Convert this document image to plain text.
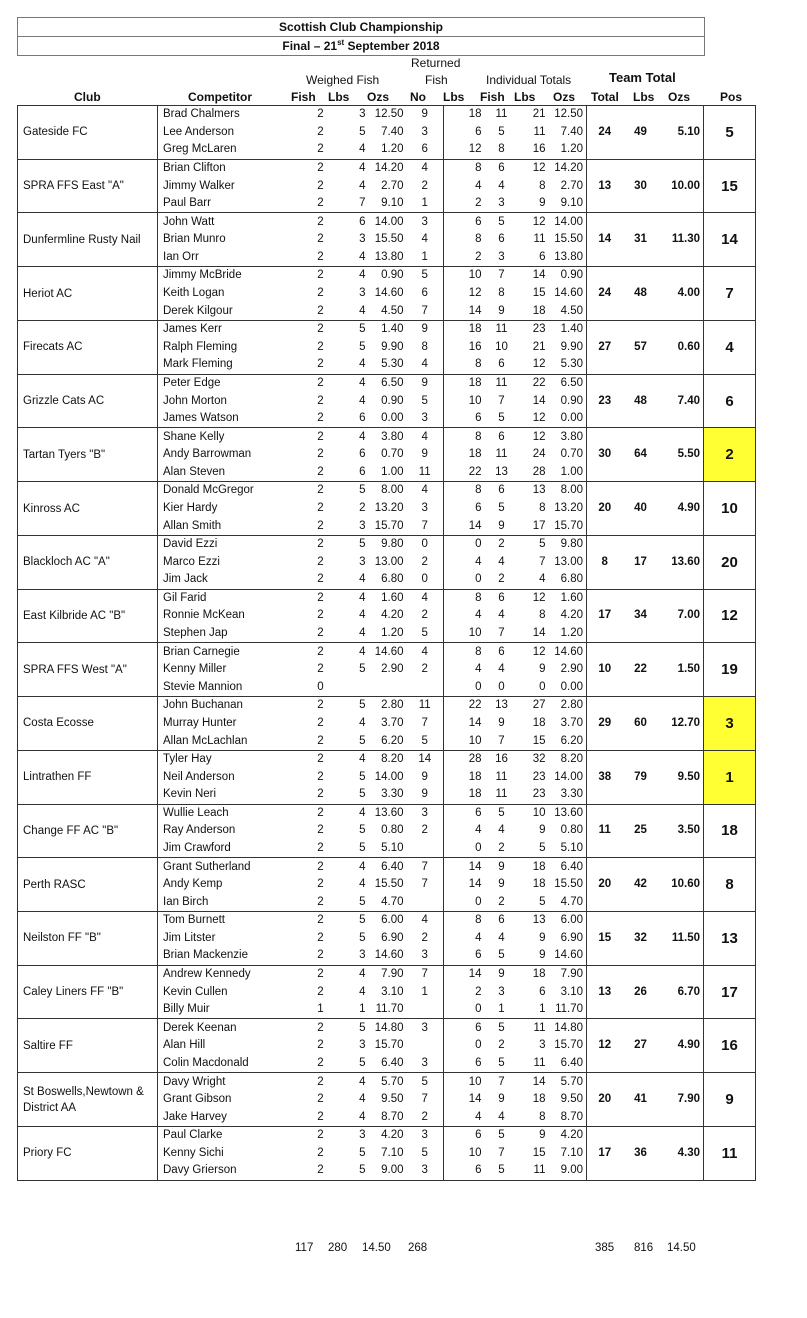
Scottish Club Championship
Final – 21st September 2018
Returned
Weighed Fish	Fish	Individual Totals	Team Total
Club	Competitor	Fish Lbs Ozs No Lbs Fish Lbs Ozs Total Lbs Ozs Pos
Gateside FC	Brad Chalmers	2	3	12.50	9	18	11	21	12.50	24	49	5.10	5
	Lee Anderson	2	5	7.40	3	6	5	11	7.40				
	Greg McLaren	2	4	1.20	6	12	8	16	1.20				
SPRA FFS East "A"	Brian Clifton	2	4	14.20	4	8	6	12	14.20	13	30	10.00	15
	Jimmy Walker	2	4	2.70	2	4	4	8	2.70				
	Paul Barr	2	7	9.10	1	2	3	9	9.10				
Dunfermline Rusty Nail	John Watt	2	6	14.00	3	6	5	12	14.00	14	31	11.30	14
	Brian Munro	2	3	15.50	4	8	6	11	15.50				
	Ian Orr	2	4	13.80	1	2	3	6	13.80				
Heriot AC	Jimmy McBride	2	4	0.90	5	10	7	14	0.90	24	48	4.00	7
	Keith Logan	2	3	14.60	6	12	8	15	14.60				
	Derek Kilgour	2	4	4.50	7	14	9	18	4.50				
Firecats AC	James Kerr	2	5	1.40	9	18	11	23	1.40	27	57	0.60	4
	Ralph Fleming	2	5	9.90	8	16	10	21	9.90				
	Mark Fleming	2	4	5.30	4	8	6	12	5.30				
Grizzle Cats AC	Peter Edge	2	4	6.50	9	18	11	22	6.50	23	48	7.40	6
	John Morton	2	4	0.90	5	10	7	14	0.90				
	James Watson	2	6	0.00	3	6	5	12	0.00				
Tartan Tyers "B"	Shane Kelly	2	4	3.80	4	8	6	12	3.80	30	64	5.50	2
	Andy Barrowman	2	6	0.70	9	18	11	24	0.70				
	Alan Steven	2	6	1.00	11	22	13	28	1.00				
Kinross AC	Donald McGregor	2	5	8.00	4	8	6	13	8.00	20	40	4.90	10
	Kier Hardy	2	2	13.20	3	6	5	8	13.20				
	Allan Smith	2	3	15.70	7	14	9	17	15.70				
Blackloch AC "A"	David Ezzi	2	5	9.80	0	0	2	5	9.80	8	17	13.60	20
	Marco Ezzi	2	3	13.00	2	4	4	7	13.00				
	Jim Jack	2	4	6.80	0	0	2	4	6.80				
East Kilbride AC "B"	Gil Farid	2	4	1.60	4	8	6	12	1.60	17	34	7.00	12
	Ronnie McKean	2	4	4.20	2	4	4	8	4.20				
	Stephen Jap	2	4	1.20	5	10	7	14	1.20				
SPRA FFS West "A"	Brian Carnegie	2	4	14.60	4	8	6	12	14.60	10	22	1.50	19
	Kenny Miller	2	5	2.90	2	4	4	9	2.90				
	Stevie Mannion	0				0	0	0	0.00				
Costa Ecosse	John Buchanan	2	5	2.80	11	22	13	27	2.80	29	60	12.70	3
	Murray Hunter	2	4	3.70	7	14	9	18	3.70				
	Allan McLachlan	2	5	6.20	5	10	7	15	6.20				
Lintrathen FF	Tyler Hay	2	4	8.20	14	28	16	32	8.20	38	79	9.50	1
	Neil Anderson	2	5	14.00	9	18	11	23	14.00				
	Kevin Neri	2	5	3.30	9	18	11	23	3.30				
Change FF AC "B"	Wullie Leach	2	4	13.60	3	6	5	10	13.60	11	25	3.50	18
	Ray Anderson	2	5	0.80	2	4	4	9	0.80				
	Jim Crawford	2	5	5.10		0	2	5	5.10				
Perth RASC	Grant Sutherland	2	4	6.40	7	14	9	18	6.40	20	42	10.60	8
	Andy Kemp	2	4	15.50	7	14	9	18	15.50				
	Ian Birch	2	5	4.70		0	2	5	4.70				
Neilston FF "B"	Tom Burnett	2	5	6.00	4	8	6	13	6.00	15	32	11.50	13
	Jim Litster	2	5	6.90	2	4	4	9	6.90				
	Brian Mackenzie	2	3	14.60	3	6	5	9	14.60				
Caley Liners FF "B"	Andrew Kennedy	2	4	7.90	7	14	9	18	7.90	13	26	6.70	17
	Kevin Cullen	2	4	3.10	1	2	3	6	3.10				
	Billy Muir	1	1	11.70		0	1	1	11.70				
Saltire FF	Derek Keenan	2	5	14.80	3	6	5	11	14.80	12	27	4.90	16
	Alan Hill	2	3	15.70		0	2	3	15.70				
	Colin Macdonald	2	5	6.40	3	6	5	11	6.40				
St Boswells,Newtown & District AA	Davy Wright	2	4	5.70	5	10	7	14	5.70	20	41	7.90	9
	Grant Gibson	2	4	9.50	7	14	9	18	9.50				
	Jake Harvey	2	4	8.70	2	4	4	8	8.70				
Priory FC	Paul Clarke	2	3	4.20	3	6	5	9	4.20	17	36	4.30	11
	Kenny Sichi	2	5	7.10	5	10	7	15	7.10				
	Davy Grierson	2	5	9.00	3	6	5	11	9.00				
117 280 14.50 268	385 816 14.50
